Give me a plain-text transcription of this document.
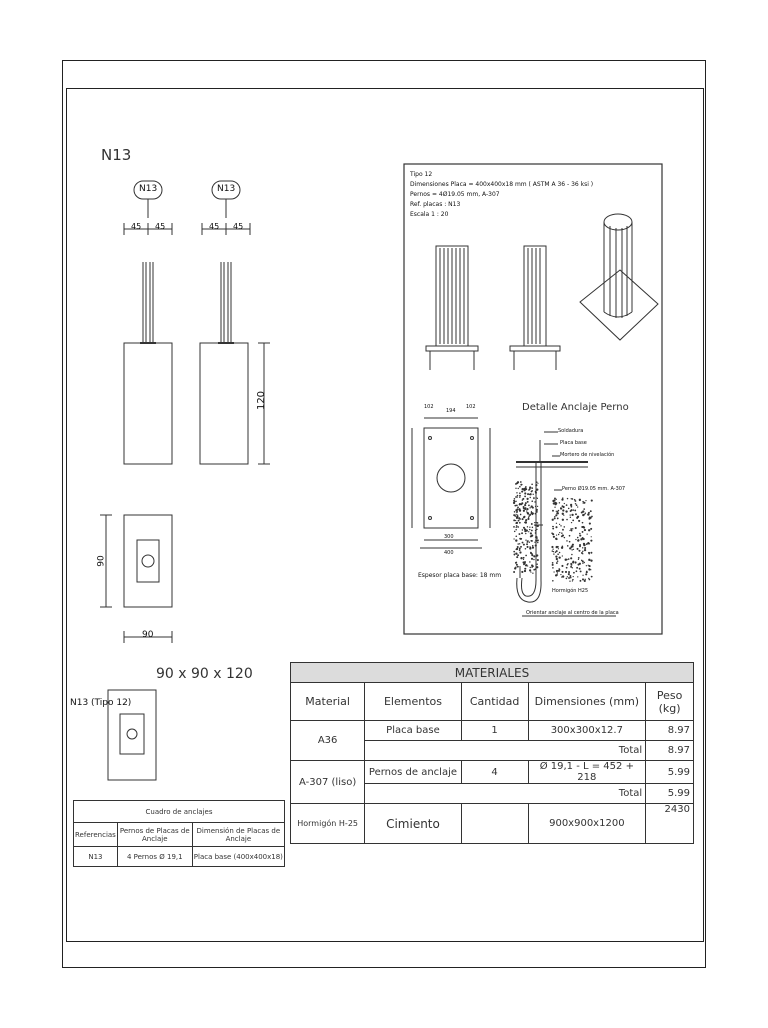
N13
N13	N13
45 45	45 45
120
90
90
90 x 90 x 120
N13 (Tipo 12)
Tipo 12
Dimensiones Placa = 400x400x18 mm ( ASTM A 36 - 36 ksi )
Pernos = 4Ø19.05 mm, A-307
Ref. placas : N13
Escala 1 : 20
102
194
102
300
400
Espesor placa base: 18 mm
Detalle Anclaje Perno
Soldadura
Placa base
Mortero de nivelación
Perno Ø19.05 mm. A-307
Hormigón H25
Orientar anclaje al centro de la placa
MATERIALES				
Material	Elementos	Cantidad	Dimensiones (mm)	Peso (kg)
A36	Placa base	1	300x300x12.7	8.97
	Total			8.97
A-307 (liso)	Pernos de anclaje	4	Ø 19,1 - L = 452 + 218	5.99
	Total			5.99
Hormigón H-25	Cimiento		900x900x1200	2430
Cuadro de anclajes		
Referencias	Pernos de Placas de Anclaje	Dimensión de Placas de Anclaje
N13	4 Pernos Ø 19,1	Placa base (400x400x18)
